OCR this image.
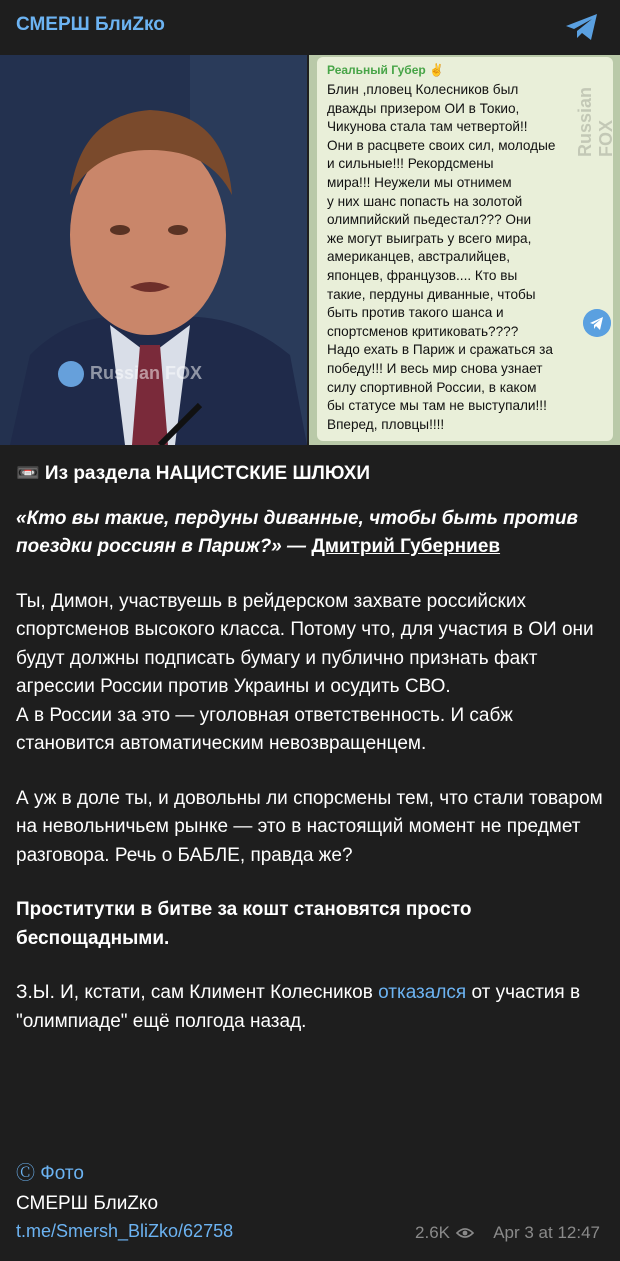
СМЕРШ БлиZко
Russian FOX
Реальный Губер ✌
Блин ,пловец Колесников был
дважды призером ОИ в Токио,
Чикунова стала там четвертой!!
Они в расцвете своих сил, молодые
и сильные!!! Рекордсмены
мира!!! Неужели мы отнимем
у них шанс попасть на золотой
олимпийский пьедестал??? Они
же могут выиграть у всего мира,
американцев, австралийцев,
японцев, французов.... Кто вы
такие, пердуны диванные, чтобы
быть против такого шанса и
спортсменов критиковать????
Надо ехать в Париж и сражаться за
победу!!! И весь мир снова узнает
силу спортивной России, в каком
бы статусе мы там не выступали!!!
Вперед, пловцы!!!!
Russian FOX

📼 Из раздела НАЦИСТСКИЕ ШЛЮХИ

«Кто вы такие, пердуны диванные, чтобы быть против поездки россиян в Париж?» — Дмитрий Губерниев

Ты, Димон, участвуешь в рейдерском захвате российских спортсменов высокого класса. Потому что, для участия в ОИ они будут должны подписать бумагу и публично признать факт агрессии России против Украины и осудить СВО.
А в России за это — уголовная ответственность. И сабж становится автоматическим невозвращенцем.

А уж в доле ты, и довольны ли спорсмены тем, что стали товаром на невольничьем рынке — это в настоящий момент не предмет разговора. Речь о БАБЛЕ, правда же?

Проститутки в битве за кошт становятся просто беспощадными.

З.Ы. И, кстати, сам Климент Колесников отказался от участия в "олимпиаде" ещё полгода назад.

Ⓒ Фото
СМЕРШ БлиZко
t.me/Smersh_BliZko/62758	2.6K	Apr 3 at 12:47
